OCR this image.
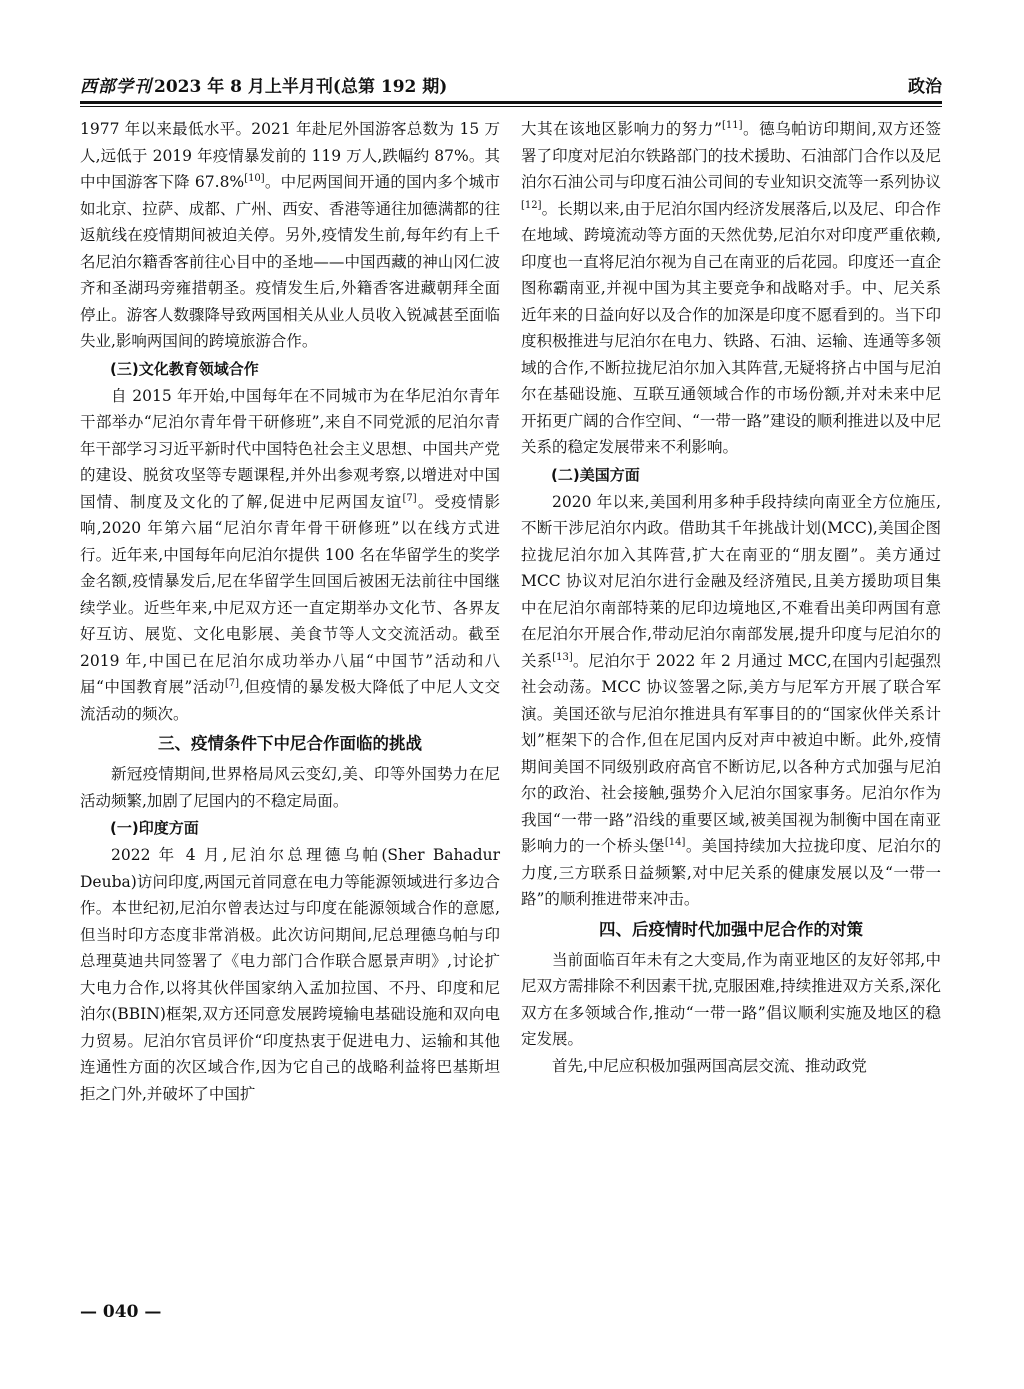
西部学刊 2023 年 8 月上半月刊(总第 192 期)	政治

1977 年以来最低水平。2021 年赴尼外国游客总数为 15 万人,远低于 2019 年疫情暴发前的 119 万人,跌幅约 87%。其中中国游客下降 67.8%[10]。中尼两国间开通的国内多个城市如北京、拉萨、成都、广州、西安、香港等通往加德满都的往返航线在疫情期间被迫关停。另外,疫情发生前,每年约有上千名尼泊尔籍香客前往心目中的圣地——中国西藏的神山冈仁波齐和圣湖玛旁雍措朝圣。疫情发生后,外籍香客进藏朝拜全面停止。游客人数骤降导致两国相关从业人员收入锐减甚至面临失业,影响两国间的跨境旅游合作。

(三)文化教育领域合作

自 2015 年开始,中国每年在不同城市为在华尼泊尔青年干部举办“尼泊尔青年骨干研修班”,来自不同党派的尼泊尔青年干部学习习近平新时代中国特色社会主义思想、中国共产党的建设、脱贫攻坚等专题课程,并外出参观考察,以增进对中国国情、制度及文化的了解,促进中尼两国友谊[7]。受疫情影响,2020 年第六届“尼泊尔青年骨干研修班”以在线方式进行。近年来,中国每年向尼泊尔提供 100 名在华留学生的奖学金名额,疫情暴发后,尼在华留学生回国后被困无法前往中国继续学业。近些年来,中尼双方还一直定期举办文化节、各界友好互访、展览、文化电影展、美食节等人文交流活动。截至 2019 年,中国已在尼泊尔成功举办八届“中国节”活动和八届“中国教育展”活动[7],但疫情的暴发极大降低了中尼人文交流活动的频次。

三、疫情条件下中尼合作面临的挑战

新冠疫情期间,世界格局风云变幻,美、印等外国势力在尼活动频繁,加剧了尼国内的不稳定局面。

(一)印度方面

2022 年 4 月,尼泊尔总理德乌帕(Sher Bahadur Deuba)访问印度,两国元首同意在电力等能源领域进行多边合作。本世纪初,尼泊尔曾表达过与印度在能源领域合作的意愿,但当时印方态度非常消极。此次访问期间,尼总理德乌帕与印总理莫迪共同签署了《电力部门合作联合愿景声明》,讨论扩大电力合作,以将其伙伴国家纳入孟加拉国、不丹、印度和尼泊尔(BBIN)框架,双方还同意发展跨境输电基础设施和双向电力贸易。尼泊尔官员评价“印度热衷于促进电力、运输和其他连通性方面的次区域合作,因为它自己的战略利益将巴基斯坦拒之门外,并破坏了中国扩

大其在该地区影响力的努力”[11]。德乌帕访印期间,双方还签署了印度对尼泊尔铁路部门的技术援助、石油部门合作以及尼泊尔石油公司与印度石油公司间的专业知识交流等一系列协议[12]。长期以来,由于尼泊尔国内经济发展落后,以及尼、印合作在地域、跨境流动等方面的天然优势,尼泊尔对印度严重依赖,印度也一直将尼泊尔视为自己在南亚的后花园。印度还一直企图称霸南亚,并视中国为其主要竞争和战略对手。中、尼关系近年来的日益向好以及合作的加深是印度不愿看到的。当下印度积极推进与尼泊尔在电力、铁路、石油、运输、连通等多领域的合作,不断拉拢尼泊尔加入其阵营,无疑将挤占中国与尼泊尔在基础设施、互联互通领域合作的市场份额,并对未来中尼开拓更广阔的合作空间、“一带一路”建设的顺利推进以及中尼关系的稳定发展带来不利影响。

(二)美国方面

2020 年以来,美国利用多种手段持续向南亚全方位施压,不断干涉尼泊尔内政。借助其千年挑战计划(MCC),美国企图拉拢尼泊尔加入其阵营,扩大在南亚的“朋友圈”。美方通过 MCC 协议对尼泊尔进行金融及经济殖民,且美方援助项目集中在尼泊尔南部特莱的尼印边境地区,不难看出美印两国有意在尼泊尔开展合作,带动尼泊尔南部发展,提升印度与尼泊尔的关系[13]。尼泊尔于 2022 年 2 月通过 MCC,在国内引起强烈社会动荡。MCC 协议签署之际,美方与尼军方开展了联合军演。美国还欲与尼泊尔推进具有军事目的的“国家伙伴关系计划”框架下的合作,但在尼国内反对声中被迫中断。此外,疫情期间美国不同级别政府高官不断访尼,以各种方式加强与尼泊尔的政治、社会接触,强势介入尼泊尔国家事务。尼泊尔作为我国“一带一路”沿线的重要区域,被美国视为制衡中国在南亚影响力的一个桥头堡[14]。美国持续加大拉拢印度、尼泊尔的力度,三方联系日益频繁,对中尼关系的健康发展以及“一带一路”的顺利推进带来冲击。

四、后疫情时代加强中尼合作的对策

当前面临百年未有之大变局,作为南亚地区的友好邻邦,中尼双方需排除不利因素干扰,克服困难,持续推进双方关系,深化双方在多领域合作,推动“一带一路”倡议顺利实施及地区的稳定发展。

首先,中尼应积极加强两国高层交流、推动政党

— 040 —
